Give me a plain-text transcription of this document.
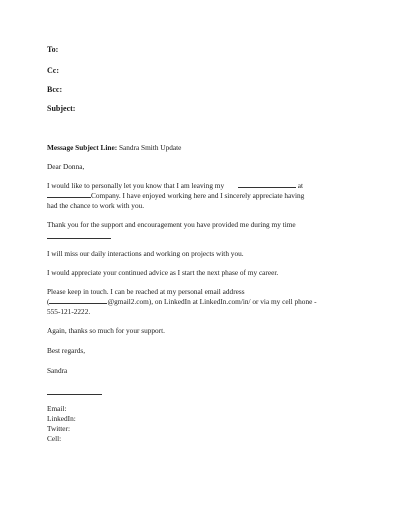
To:
Cc:
Bcc:
Subject:
Message Subject Line: Sandra Smith Update
Dear Donna,
I would like to personally let you know that I am leaving my	at
Company. I have enjoyed working here and I sincerely appreciate having
had the chance to work with you.
Thank you for the support and encouragement you have provided me during my time
I will miss our daily interactions and working on projects with you.
I would appreciate your continued advice as I start the next phase of my career.
Please keep in touch. I can be reached at my personal email address
(	@gmail2.com), on LinkedIn at LinkedIn.com/in/ or via my cell phone -
555-121-2222.
Again, thanks so much for your support.
Best regards,
Sandra
Email:
LinkedIn:
Twitter:
Cell:
